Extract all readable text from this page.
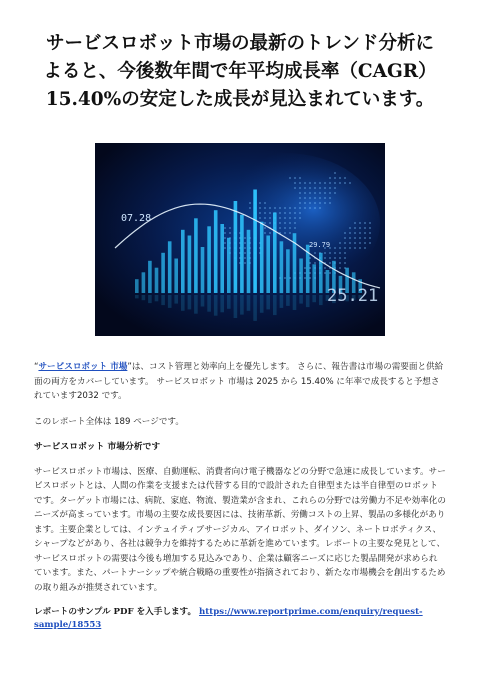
サービスロボット市場の最新のトレンド分析に
よると、今後数年間で年平均成長率（CAGR）
15.40%の安定した成長が見込まれています。
07.28
29.79
25.21

“サービスロボット 市場”は、コスト管理と効率向上を優先します。 さらに、報告書は市場の需要面と供給面の両方をカバーしています。 サービスロボット 市場は 2025 から 15.40% に年率で成長すると予想されています2032 です。

このレポート全体は 189 ページです。

サービスロボット 市場分析です

サービスロボット市場は、医療、自動運転、消費者向け電子機器などの分野で急速に成長しています。サービスロボットとは、人間の作業を支援または代替する目的で設計された自律型または半自律型のロボットです。ターゲット市場には、病院、家庭、物流、製造業が含まれ、これらの分野では労働力不足や効率化のニーズが高まっています。市場の主要な成長要因には、技術革新、労働コストの上昇、製品の多様化があります。主要企業としては、インテュイティブサージカル、アイロボット、ダイソン、ネートロボティクス、シャープなどがあり、各社は競争力を維持するために革新を進めています。レポートの主要な発見として、サービスロボットの需要は今後も増加する見込みであり、企業は顧客ニーズに応じた製品開発が求められています。また、パートナーシップや統合戦略の重要性が指摘されており、新たな市場機会を創出するための取り組みが推奨されています。

レポートのサンプル PDF を入手します。 https://www.reportprime.com/enquiry/request-sample/18553
